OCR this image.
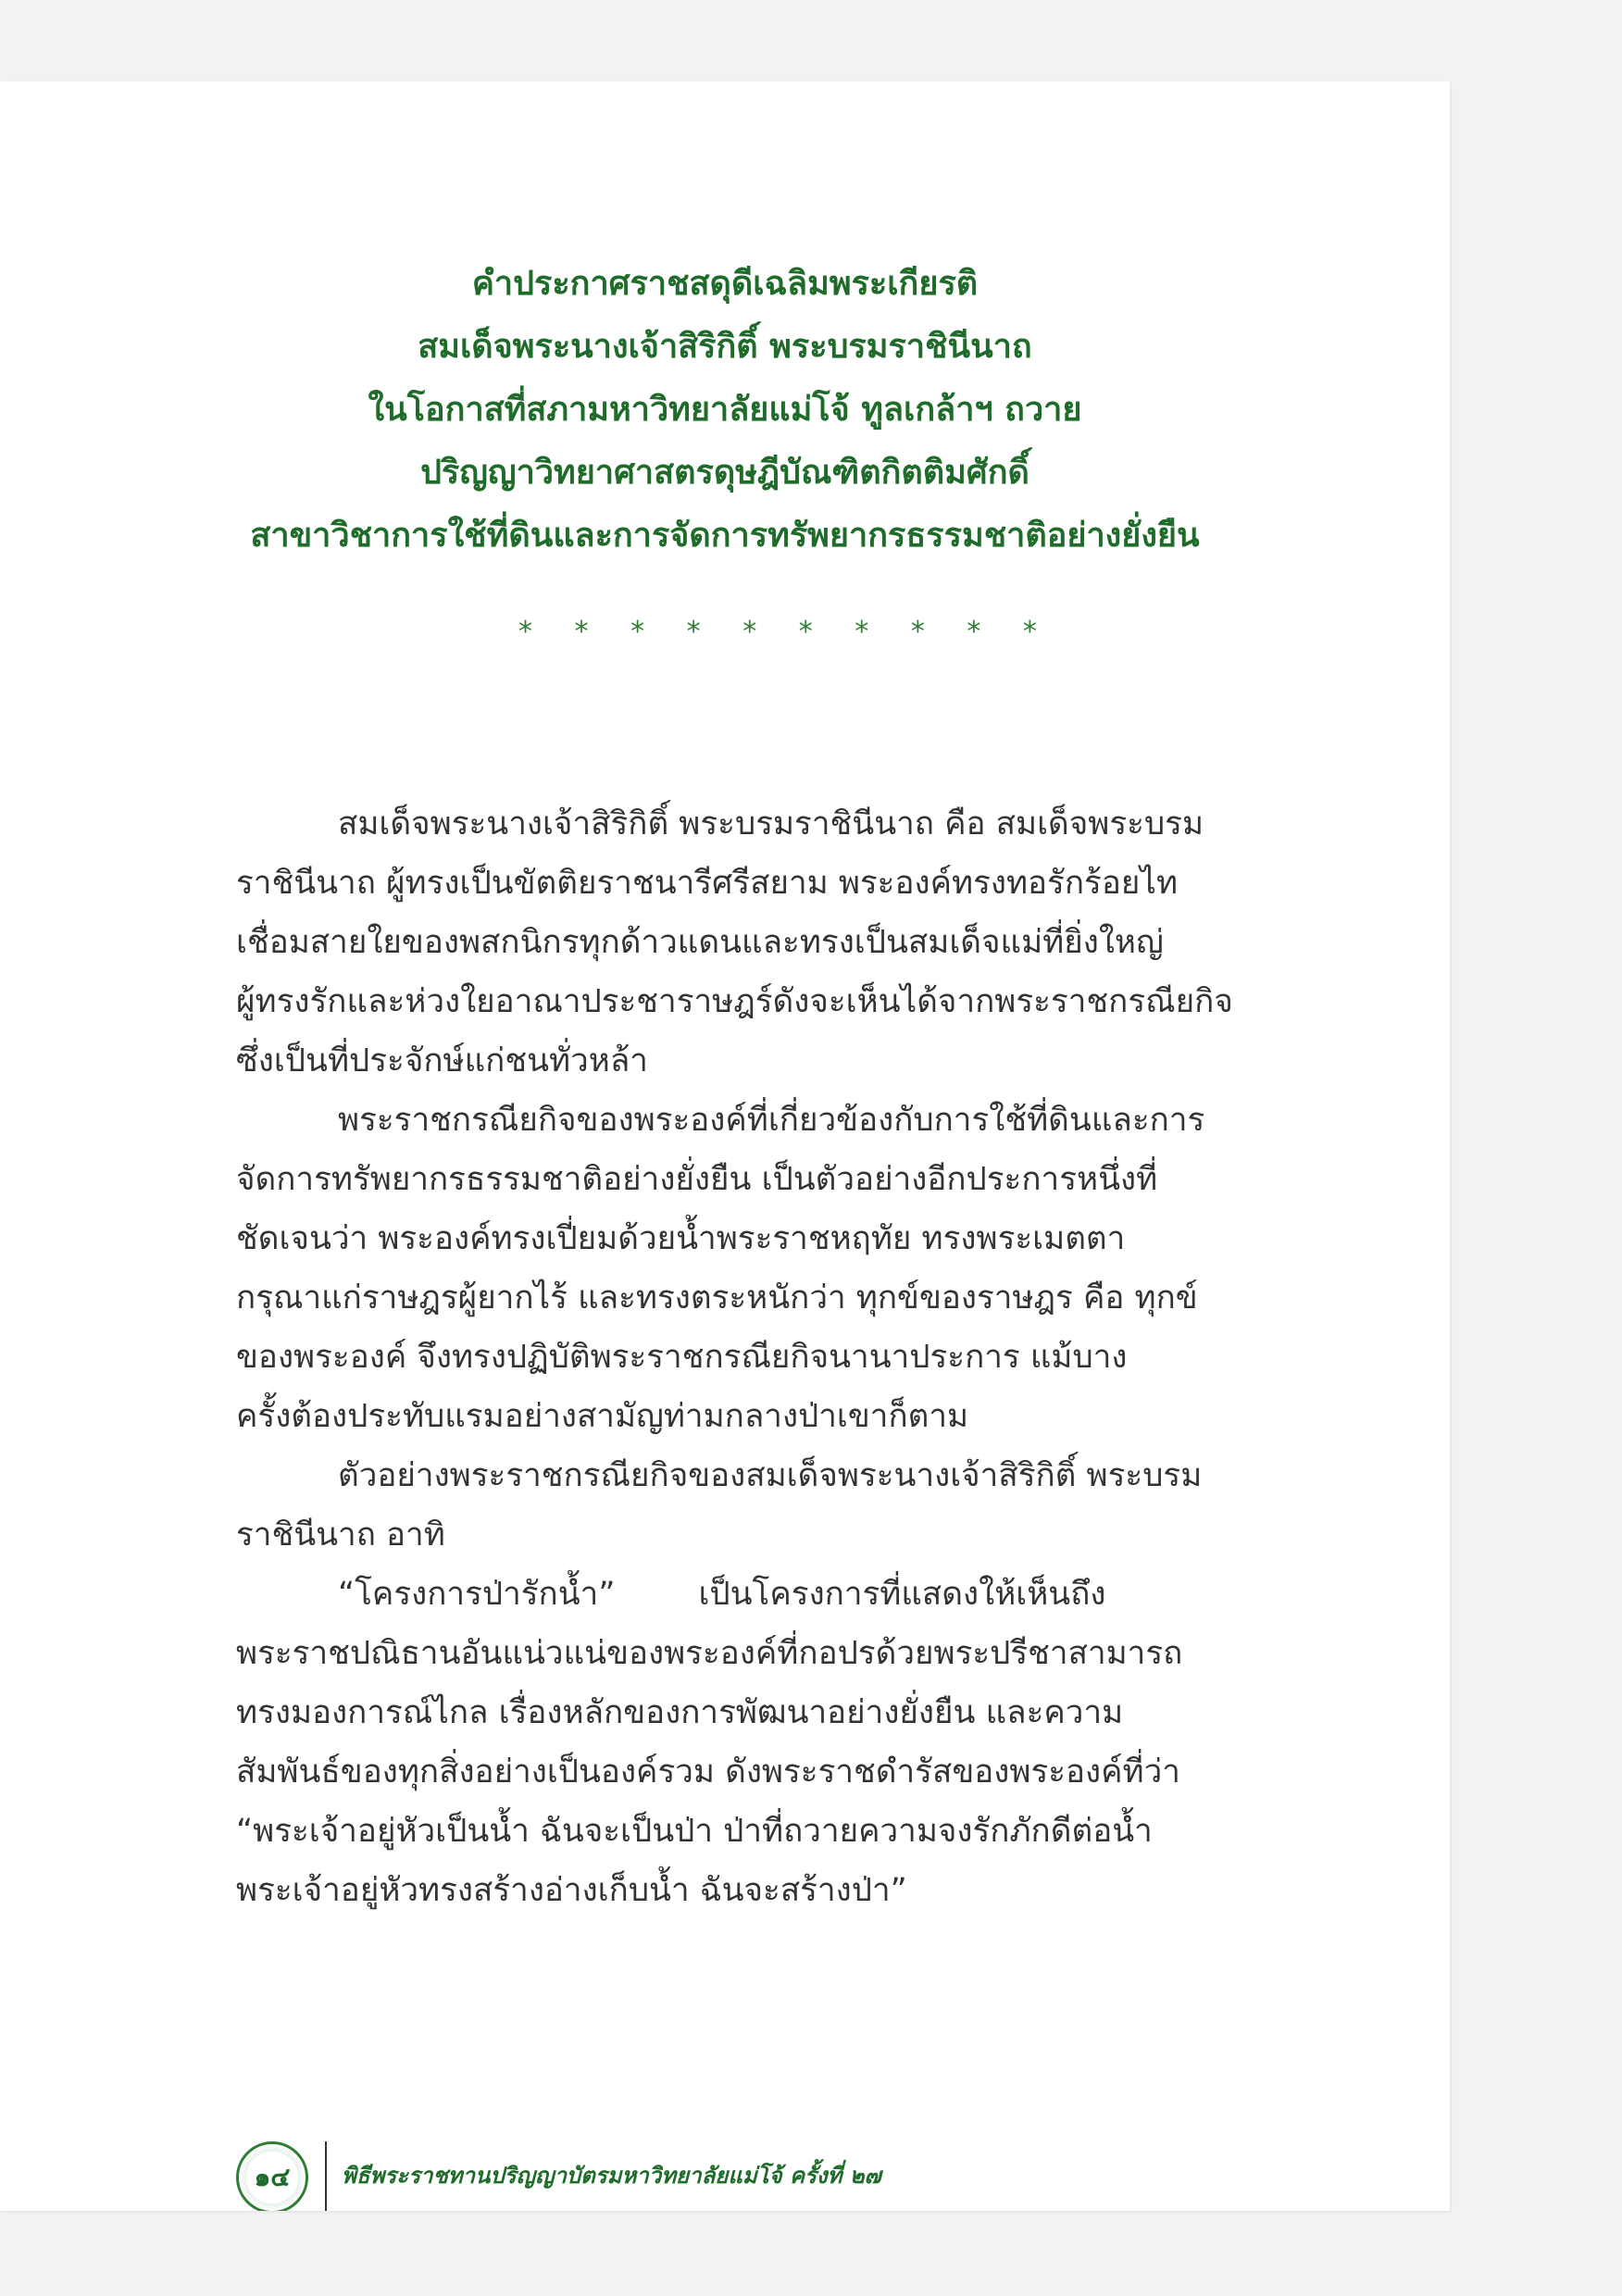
คำประกาศราชสดุดีเฉลิมพระเกียรติ
สมเด็จพระนางเจ้าสิริกิติ์ พระบรมราชินีนาถ
ในโอกาสที่สภามหาวิทยาลัยแม่โจ้ ทูลเกล้าฯ ถวาย
ปริญญาวิทยาศาสตรดุษฎีบัณฑิตกิตติมศักดิ์
สาขาวิชาการใช้ที่ดินและการจัดการทรัพยากรธรรมชาติอย่างยั่งยืน
* * * * * * * * * *
สมเด็จพระนางเจ้าสิริกิติ์ พระบรมราชินีนาถ คือ สมเด็จพระบรม
ราชินีนาถ ผู้ทรงเป็นขัตติยราชนารีศรีสยาม พระองค์ทรงทอรักร้อยไท
เชื่อมสายใยของพสกนิกรทุกด้าวแดนและทรงเป็นสมเด็จแม่ที่ยิ่งใหญ่
ผู้ทรงรักและห่วงใยอาณาประชาราษฎร์ดังจะเห็นได้จากพระราชกรณียกิจ
ซึ่งเป็นที่ประจักษ์แก่ชนทั่วหล้า
พระราชกรณียกิจของพระองค์ที่เกี่ยวข้องกับการใช้ที่ดินและการ
จัดการทรัพยากรธรรมชาติอย่างยั่งยืน เป็นตัวอย่างอีกประการหนึ่งที่
ชัดเจนว่า พระองค์ทรงเปี่ยมด้วยน้ำพระราชหฤทัย ทรงพระเมตตา
กรุณาแก่ราษฎรผู้ยากไร้ และทรงตระหนักว่า ทุกข์ของราษฎร คือ ทุกข์
ของพระองค์ จึงทรงปฏิบัติพระราชกรณียกิจนานาประการ แม้บาง
ครั้งต้องประทับแรมอย่างสามัญท่ามกลางป่าเขาก็ตาม
ตัวอย่างพระราชกรณียกิจของสมเด็จพระนางเจ้าสิริกิติ์ พระบรม
ราชินีนาถ อาทิ
“โครงการป่ารักน้ำ”	เป็นโครงการที่แสดงให้เห็นถึง
พระราชปณิธานอันแน่วแน่ของพระองค์ที่กอปรด้วยพระปรีชาสามารถ
ทรงมองการณ์ไกล เรื่องหลักของการพัฒนาอย่างยั่งยืน และความ
สัมพันธ์ของทุกสิ่งอย่างเป็นองค์รวม ดังพระราชดำรัสของพระองค์ที่ว่า
“พระเจ้าอยู่หัวเป็นน้ำ ฉันจะเป็นป่า ป่าที่ถวายความจงรักภักดีต่อน้ำ
พระเจ้าอยู่หัวทรงสร้างอ่างเก็บน้ำ ฉันจะสร้างป่า”
๑๔ พิธีพระราชทานปริญญาบัตรมหาวิทยาลัยแม่โจ้ ครั้งที่ ๒๗
